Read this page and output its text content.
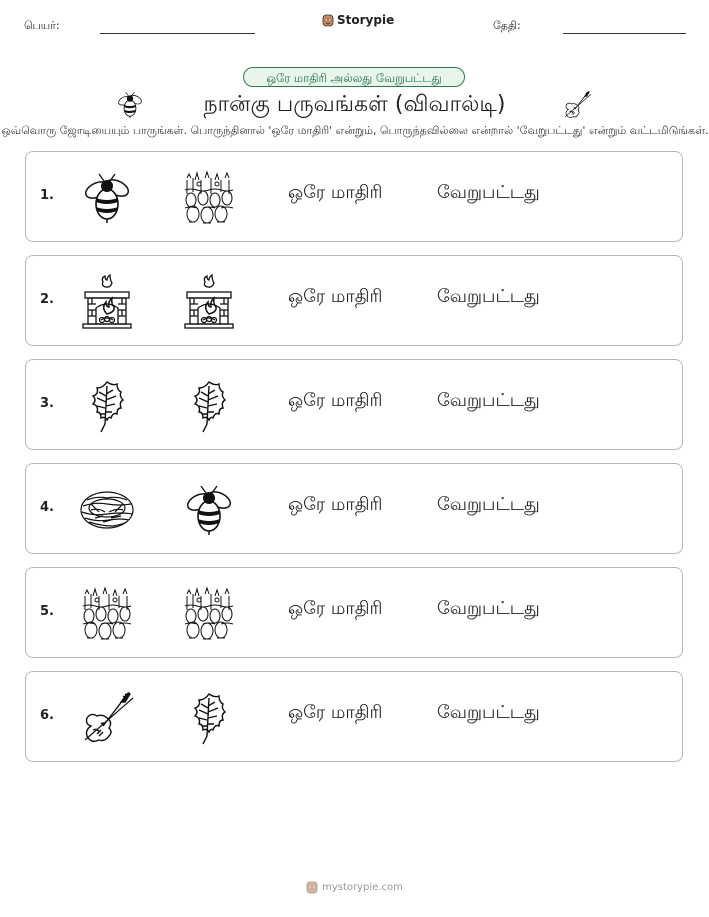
பெயர்:	Storypie	தேதி:
ஒரே மாதிரி அல்லது வேறுபட்டது
நான்கு பருவங்கள் (விவால்டி)
ஒவ்வொரு ஜோடியையும் பாருங்கள். பொருந்தினால் 'ஒரே மாதிரி' என்றும், பொருந்தவில்லை என்றால் 'வேறுபட்டது' என்றும் வட்டமிடுங்கள்.
1.	ஒரே மாதிரி	வேறுபட்டது
2.	ஒரே மாதிரி	வேறுபட்டது
3.	ஒரே மாதிரி	வேறுபட்டது
4.	ஒரே மாதிரி	வேறுபட்டது
5.	ஒரே மாதிரி	வேறுபட்டது
6.	ஒரே மாதிரி	வேறுபட்டது
mystorypie.com
